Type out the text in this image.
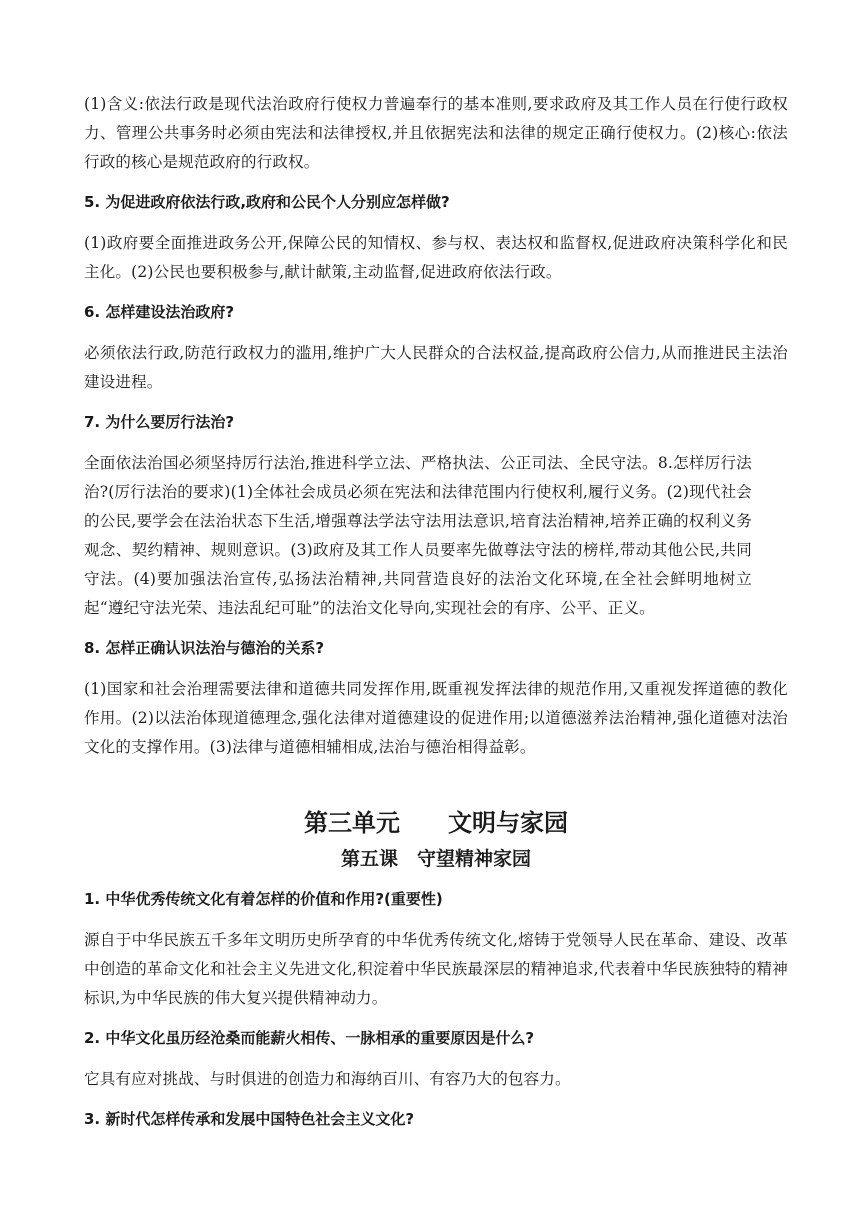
(1)含义:依法行政是现代法治政府行使权力普遍奉行的基本准则,要求政府及其工作人员在行使行政权力、管理公共事务时必须由宪法和法律授权,并且依据宪法和法律的规定正确行使权力。(2)核心:依法行政的核心是规范政府的行政权。

5. 为促进政府依法行政,政府和公民个人分别应怎样做?

(1)政府要全面推进政务公开,保障公民的知情权、参与权、表达权和监督权,促进政府决策科学化和民主化。(2)公民也要积极参与,献计献策,主动监督,促进政府依法行政。

6. 怎样建设法治政府?

必须依法行政,防范行政权力的滥用,维护广大人民群众的合法权益,提高政府公信力,从而推进民主法治建设进程。

7. 为什么要厉行法治?

全面依法治国必须坚持厉行法治,推进科学立法、严格执法、公正司法、全民守法。8.怎样厉行法治?(厉行法治的要求)(1)全体社会成员必须在宪法和法律范围内行使权利,履行义务。(2)现代社会的公民,要学会在法治状态下生活,增强尊法学法守法用法意识,培育法治精神,培养正确的权利义务观念、契约精神、规则意识。(3)政府及其工作人员要率先做尊法守法的榜样,带动其他公民,共同守法。(4)要加强法治宣传,弘扬法治精神,共同营造良好的法治文化环境,在全社会鲜明地树立起“遵纪守法光荣、违法乱纪可耻”的法治文化导向,实现社会的有序、公平、正义。

8. 怎样正确认识法治与德治的关系?

(1)国家和社会治理需要法律和道德共同发挥作用,既重视发挥法律的规范作用,又重视发挥道德的教化作用。(2)以法治体现道德理念,强化法律对道德建设的促进作用;以道德滋养法治精神,强化道德对法治文化的支撑作用。(3)法律与道德相辅相成,法治与德治相得益彰。

第三单元　　文明与家园
第五课　守望精神家园
1. 中华优秀传统文化有着怎样的价值和作用?(重要性)

源自于中华民族五千多年文明历史所孕育的中华优秀传统文化,熔铸于党领导人民在革命、建设、改革中创造的革命文化和社会主义先进文化,积淀着中华民族最深层的精神追求,代表着中华民族独特的精神标识,为中华民族的伟大复兴提供精神动力。

2. 中华文化虽历经沧桑而能薪火相传、一脉相承的重要原因是什么?

它具有应对挑战、与时俱进的创造力和海纳百川、有容乃大的包容力。

3. 新时代怎样传承和发展中国特色社会主义文化?
